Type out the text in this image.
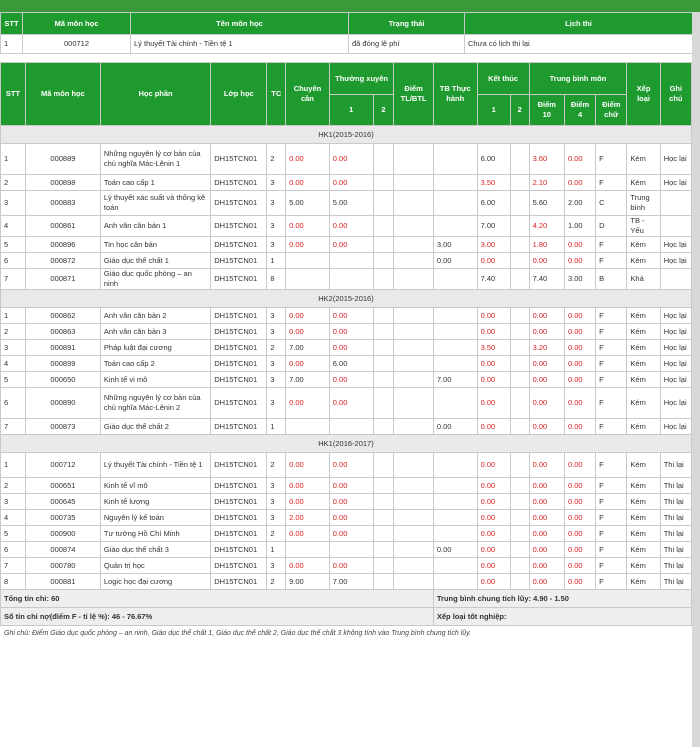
STT	Mã môn học	Tên môn học	Trạng thái	Lịch thi
1	000712	Lý thuyết Tài chính - Tiền tệ 1	đã đóng lệ phí	Chưa có lịch thi lại
STT	Mã môn học	Học phần	Lớp học	TC	Chuyên cần	Thường xuyên		Điểm TL/BTL	TB Thực hành	Kết thúc		Trung bình môn			Xếp loại	Ghi chú
						1	2			1	2	Điểm 10	Điểm 4	Điểm chữ		
HK1(2015-2016)																
1	000889	Những nguyên lý cơ bản của chủ nghĩa Mác-Lênin 1	DH15TCN01	2	0.00	0.00				6.00		3.60	0.00	F	Kém	Học lại
2	000898	Toán cao cấp 1	DH15TCN01	3	0.00	0.00				3.50		2.10	0.00	F	Kém	Học lại
3	000883	Lý thuyết xác suất và thống kê toán	DH15TCN01	3	5.00	5.00				6.00		5.60	2.00	C	Trung bình	
4	000861	Anh văn căn bản 1	DH15TCN01	3	0.00	0.00				7.00		4.20	1.00	D	TB - Yếu	
5	000896	Tin học căn bản	DH15TCN01	3	0.00	0.00			3.00	3.00		1.80	0.00	F	Kém	Học lại
6	000872	Giáo dục thể chất 1	DH15TCN01	1					0.00	0.00		0.00	0.00	F	Kém	Học lại
7	000871	Giáo dục quốc phòng – an ninh	DH15TCN01	8						7.40		7.40	3.00	B	Khá	
HK2(2015-2016)																
1	000862	Anh văn căn bản 2	DH15TCN01	3	0.00	0.00				0.00		0.00	0.00	F	Kém	Học lại
2	000863	Anh văn căn bản 3	DH15TCN01	3	0.00	0.00				0.00		0.00	0.00	F	Kém	Học lại
3	000891	Pháp luật đại cương	DH15TCN01	2	7.00	0.00				3.50		3.20	0.00	F	Kém	Học lại
4	000899	Toán cao cấp 2	DH15TCN01	3	0.00	6.00				0.00		0.00	0.00	F	Kém	Học lại
5	000650	Kinh tế vi mô	DH15TCN01	3	7.00	0.00			7.00	0.00		0.00	0.00	F	Kém	Học lại
6	000890	Những nguyên lý cơ bản của chủ nghĩa Mác-Lênin 2	DH15TCN01	3	0.00	0.00				0.00		0.00	0.00	F	Kém	Học lại
7	000873	Giáo dục thể chất 2	DH15TCN01	1					0.00	0.00		0.00	0.00	F	Kém	Học lại
HK1(2016-2017)																
1	000712	Lý thuyết Tài chính - Tiền tệ 1	DH15TCN01	2	0.00	0.00				0.00		0.00	0.00	F	Kém	Thi lại
2	000651	Kinh tế vĩ mô	DH15TCN01	3	0.00	0.00				0.00		0.00	0.00	F	Kém	Thi lại
3	000645	Kinh tế lượng	DH15TCN01	3	0.00	0.00				0.00		0.00	0.00	F	Kém	Thi lại
4	000735	Nguyên lý kế toán	DH15TCN01	3	2.00	0.00				0.00		0.00	0.00	F	Kém	Thi lại
5	000900	Tư tưởng Hồ Chí Minh	DH15TCN01	2	0.00	0.00				0.00		0.00	0.00	F	Kém	Thi lại
6	000874	Giáo dục thể chất 3	DH15TCN01	1					0.00	0.00		0.00	0.00	F	Kém	Thi lại
7	000780	Quản trị học	DH15TCN01	3	0.00	0.00				0.00		0.00	0.00	F	Kém	Thi lại
8	000881	Logic học đại cương	DH15TCN01	2	9.00	7.00				0.00		0.00	0.00	F	Kém	Thi lại
Tổng tín chỉ: 60									Trung bình chung tích lũy: 4.90 - 1.50							
Số tín chỉ nợ(điểm F - tỉ lệ %): 46 - 76.67%									Xếp loại tốt nghiệp:							
Ghi chú: Điểm Giáo dục quốc phòng – an ninh, Giáo dục thể chất 1, Giáo dục thể chất 2, Giáo dục thể chất 3 không tính vào Trung bình chung tích lũy.
